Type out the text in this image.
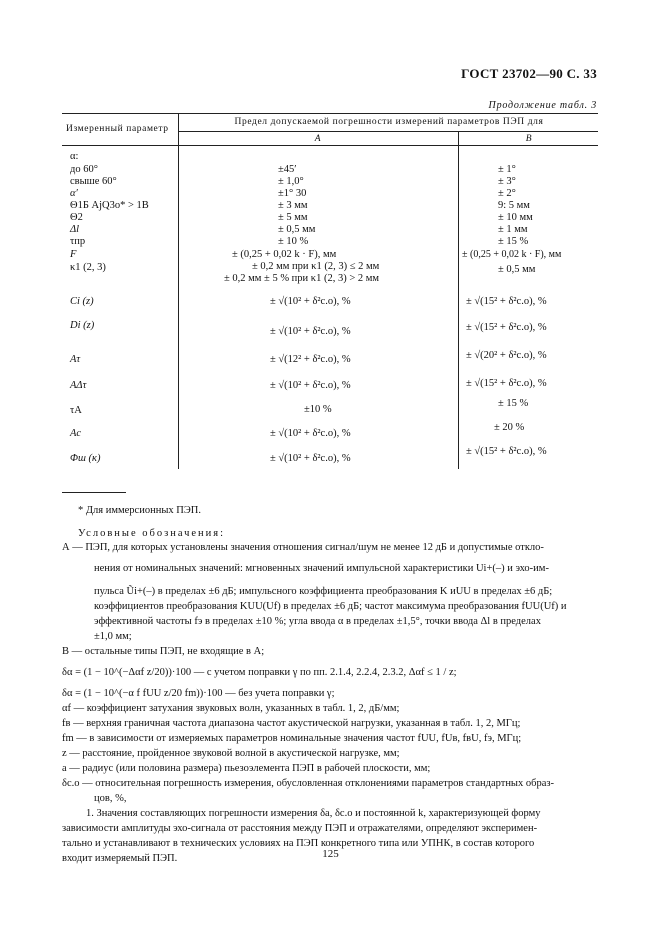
ГОСТ 23702—90 С. 33
Продолжение табл. 3
Измеренный параметр
Предел допускаемой погрешности измерений параметров ПЭП для
A	B
α:
до 60°
свыше 60°
α′
Θ1Б AjQ3о* > 1B
Θ2
Δl
τпр
F
κ1 (2, 3)
Ci (z)
Di (z)
Aτ
AΔτ
τA
Ac
Φш (к)
±45′
± 1,0°
±1° 30
± 3 мм
± 5 мм
± 0,5 мм
± 10 %
± (0,25 + 0,02 k · F), мм
± 0,2 мм при κ1 (2, 3) ≤ 2 мм
± 0,2 мм ± 5 % при κ1 (2, 3) > 2 мм
± √(10² + δ²с.о), %
± √(10² + δ²с.о), %
± √(12² + δ²с.о), %
± √(10² + δ²с.о), %
±10 %
± √(10² + δ²с.о), %
± √(10² + δ²с.о), %
± 1°
± 3°
± 2°
9: 5 мм
± 10 мм
± 1 мм
± 15 %
± (0,25 + 0,02 k · F), мм
± 0,5 мм
± √(15² + δ²с.о), %
± √(15² + δ²с.о), %
± √(20² + δ²с.о), %
± √(15² + δ²с.о), %
± 15 %
± 20 %
± √(15² + δ²с.о), %
* Для иммерсионных ПЭП.
Условные обозначения:

А — ПЭП, для которых установлены значения отношения сигнал/шум не менее 12 дБ и допустимые откло-

нения от номинальных значений: мгновенных значений импульсной характеристики Ui+(–) и эхо-им-

пульса Ũi+(–) в пределах ±6 дБ; импульсного коэффициента преобразования K иUU в пределах ±6 дБ;

коэффициентов преобразования KUU(Uf) в пределах ±6 дБ; частот максимума преобразования fUU(Uf) и

эффективной частоты fэ в пределах ±10 %; угла ввода α в пределах ±1,5°, точки ввода Δl в пределах

±1,0 мм;

В — остальные типы ПЭП, не входящие в А;

δα = (1 − 10^(−Δαf z/20))·100 — с учетом поправки γ по пп. 2.1.4, 2.2.4, 2.3.2, Δαf ≤ 1 / z;

δα = (1 − 10^(−α f fUU z/20 fm))·100 — без учета поправки γ;

αf — коэффициент затухания звуковых волн, указанных в табл. 1, 2, дБ/мм;

fв — верхняя граничная частота диапазона частот акустической нагрузки, указанная в табл. 1, 2, МГц;

fm — в зависимости от измеряемых параметров номинальные значения частот fUU, fUв, fвU, fэ, МГц;

z — расстояние, пройденное звуковой волной в акустической нагрузке, мм;

а — радиус (или половина размера) пьезоэлемента ПЭП в рабочей плоскости, мм;

δс.о — относительная погрешность измерения, обусловленная отклонениями параметров стандартных образ-

цов, %,

1. Значения составляющих погрешности измерения δа, δс.о и постоянной k, характеризующей форму

зависимости амплитуды эхо-сигнала от расстояния между ПЭП и отражателями, определяют эксперимен-

тально и устанавливают в технических условиях на ПЭП конкретного типа или УПНК, в состав которого

входит измеряемый ПЭП.	125
